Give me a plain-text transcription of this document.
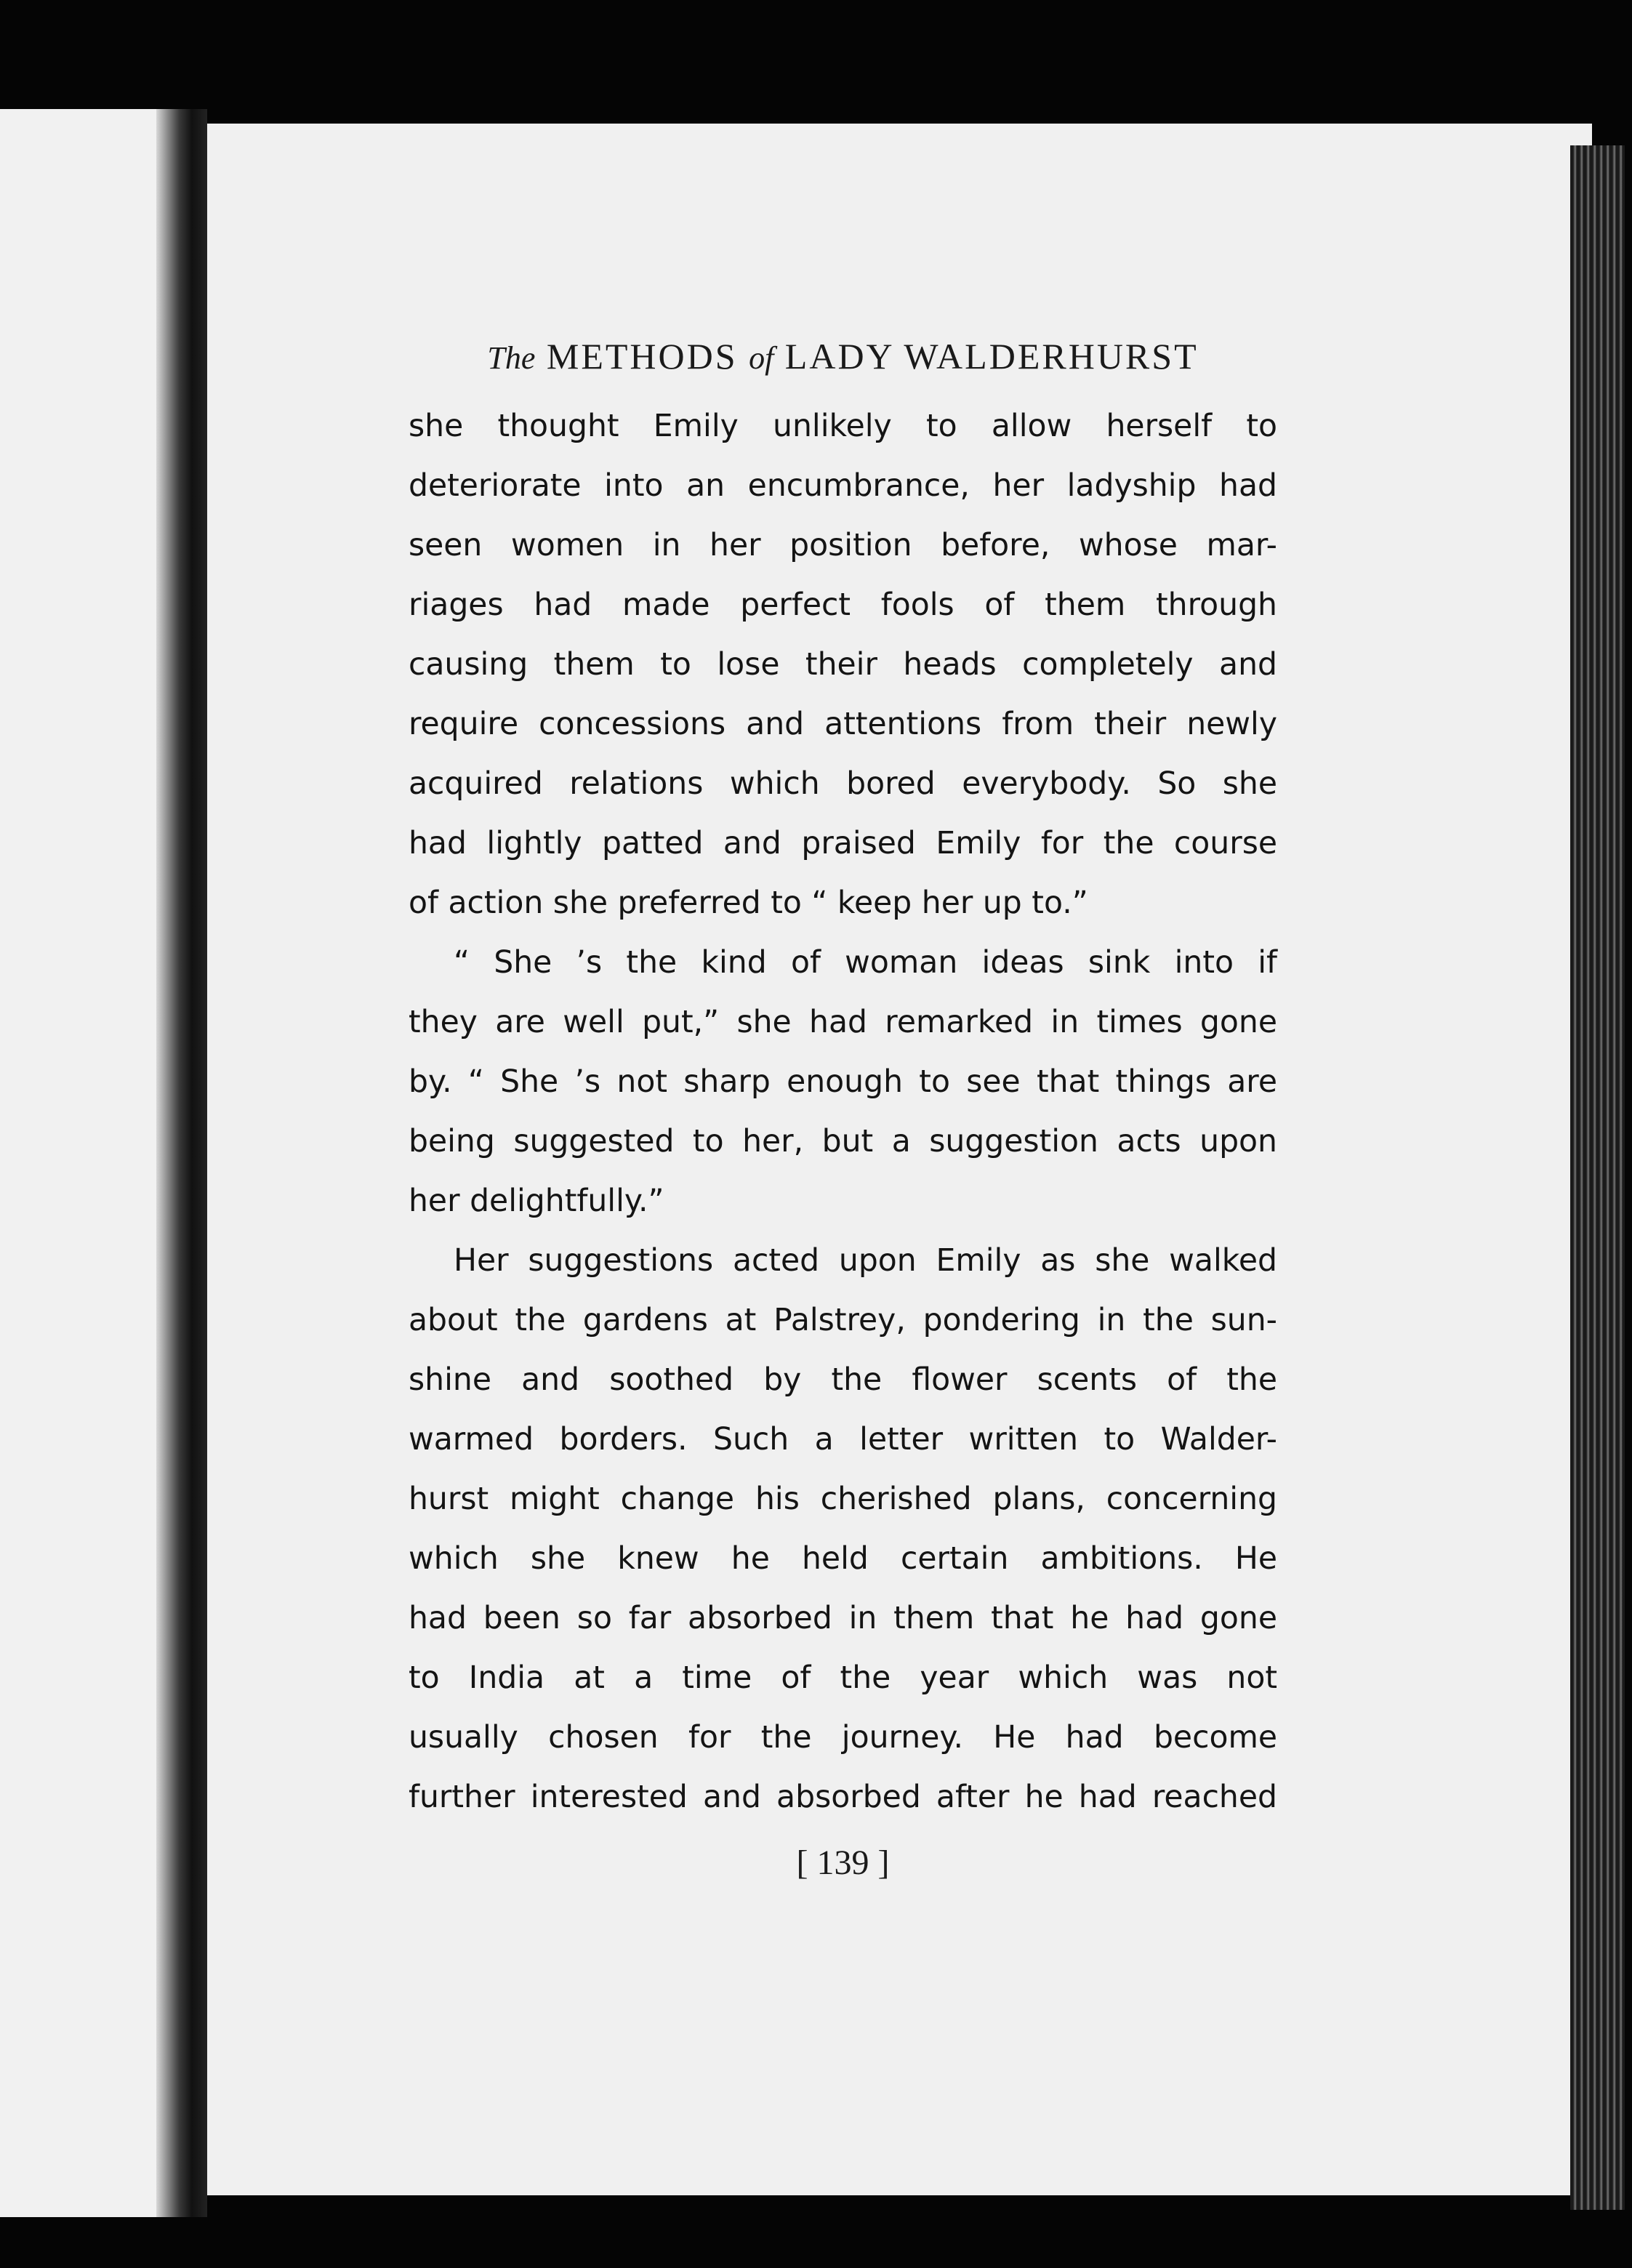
The METHODS of LADY WALDERHURST
she thought Emily unlikely to allow herself to
deteriorate into an encumbrance, her ladyship had
seen women in her position before, whose mar-
riages had made perfect fools of them through
causing them to lose their heads completely and
require concessions and attentions from their newly
acquired relations which bored everybody. So she
had lightly patted and praised Emily for the course
of action she preferred to “ keep her up to.”
“ She ’s the kind of woman ideas sink into if
they are well put,” she had remarked in times gone
by. “ She ’s not sharp enough to see that things are
being suggested to her, but a suggestion acts upon
her delightfully.”
Her suggestions acted upon Emily as she walked
about the gardens at Palstrey, pondering in the sun-
shine and soothed by the flower scents of the
warmed borders. Such a letter written to Walder-
hurst might change his cherished plans, concerning
which she knew he held certain ambitions. He
had been so far absorbed in them that he had gone
to India at a time of the year which was not
usually chosen for the journey. He had become
further interested and absorbed after he had reached
[ 139 ]
